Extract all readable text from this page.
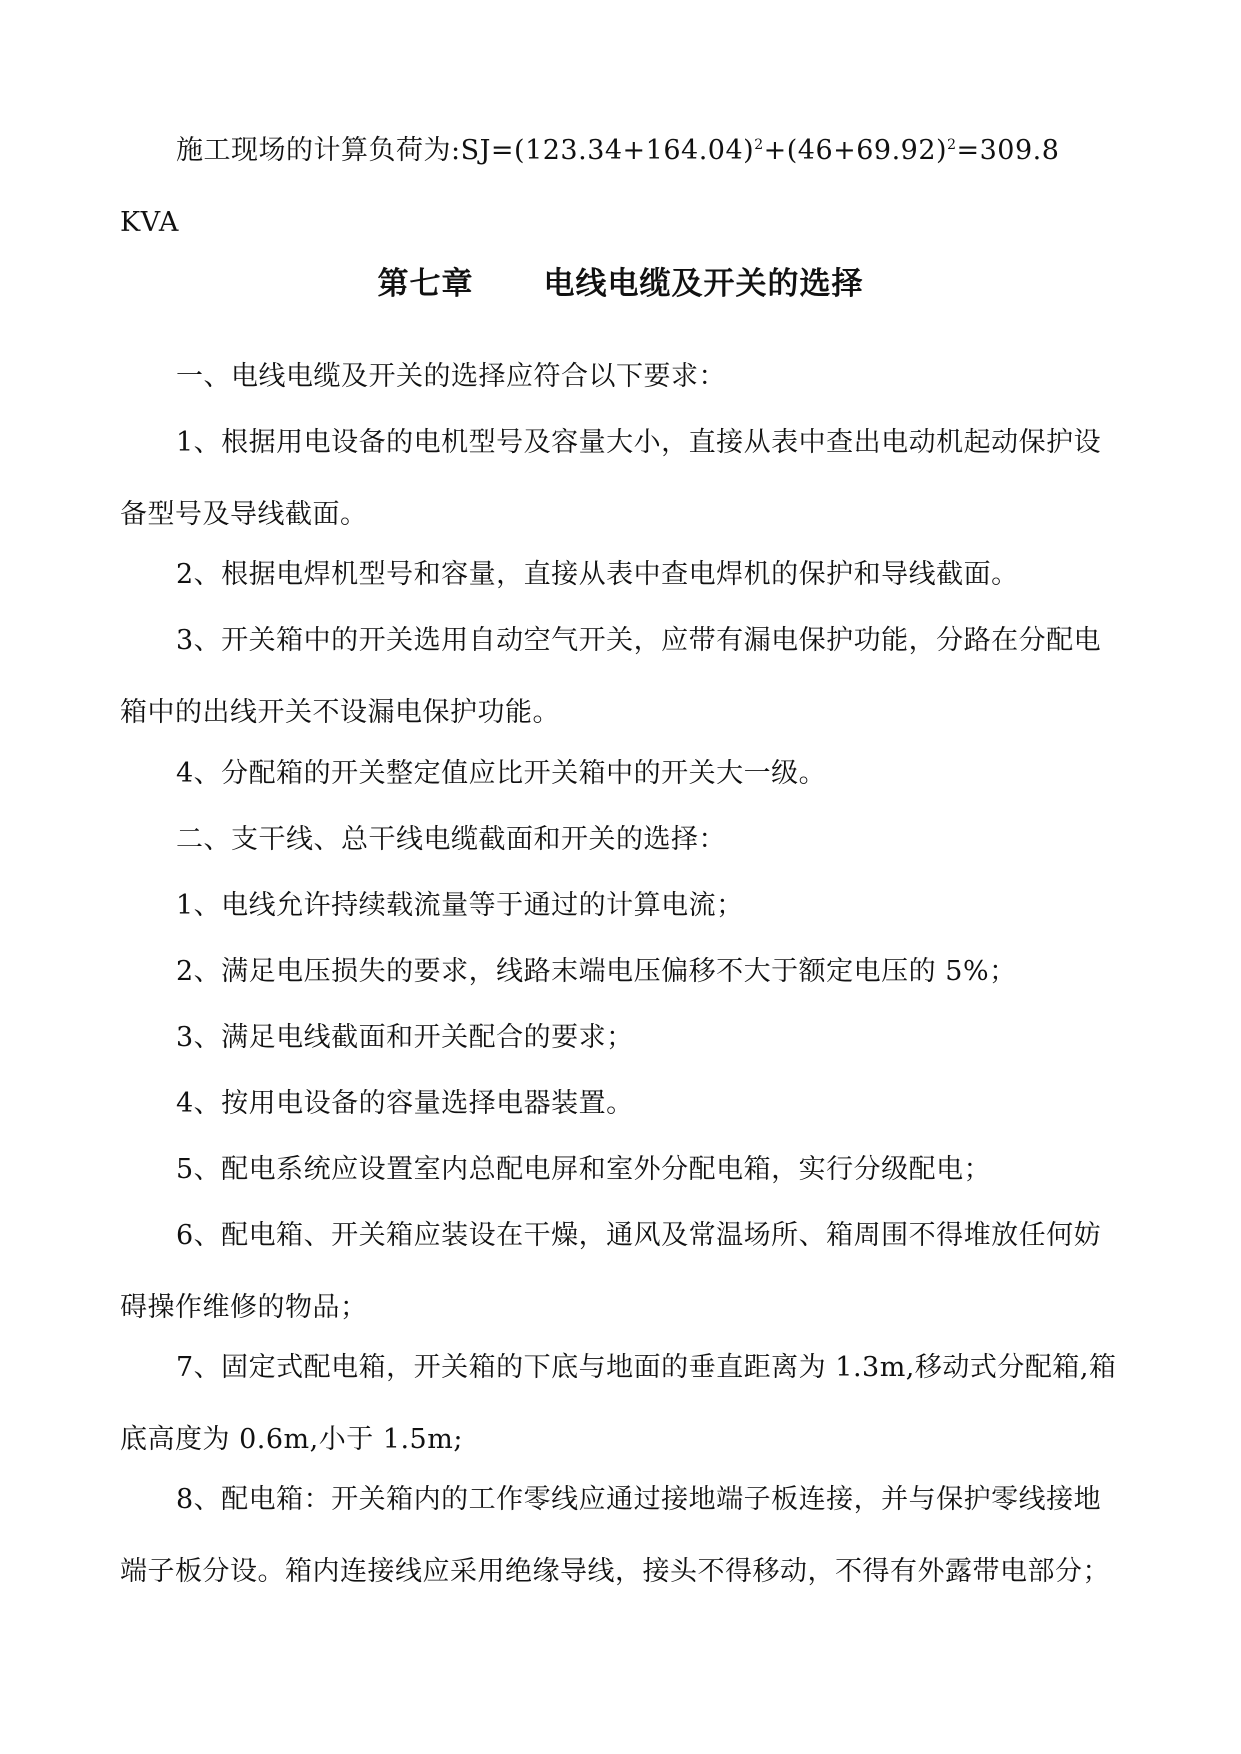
施工现场的计算负荷为$:SJ=(123.34+164.04)^2+(46+69.92)^2=309.8$ KVA

第七章 电线电缆及开关的选择

一、电线电缆及开关的选择应符合以下要求：

1、根据用电设备的电机型号及容量大小，直接从表中查出电动机起动保护设备型号及导线截面。

2、根据电焊机型号和容量，直接从表中查电焊机的保护和导线截面。

3、开关箱中的开关选用自动空气开关，应带有漏电保护功能，分路在分配电箱中的出线开关不设漏电保护功能。

4、分配箱的开关整定值应比开关箱中的开关大一级。

二、支干线、总干线电缆截面和开关的选择：

1、电线允许持续载流量等于通过的计算电流；

2、满足电压损失的要求，线路末端电压偏移不大于额定电压的 5%；

3、满足电线截面和开关配合的要求；

4、按用电设备的容量选择电器装置。

5、配电系统应设置室内总配电屏和室外分配电箱，实行分级配电；

6、配电箱、开关箱应装设在干燥，通风及常温场所、箱周围不得堆放任何妨碍操作维修的物品；

7、固定式配电箱，开关箱的下底与地面的垂直距离为 1.3m,移动式分配箱,箱底高度为 0.6m,小于 1.5m;

8、配电箱：开关箱内的工作零线应通过接地端子板连接，并与保护零线接地端子板分设。箱内连接线应采用绝缘导线，接头不得移动，不得有外露带电部分；
